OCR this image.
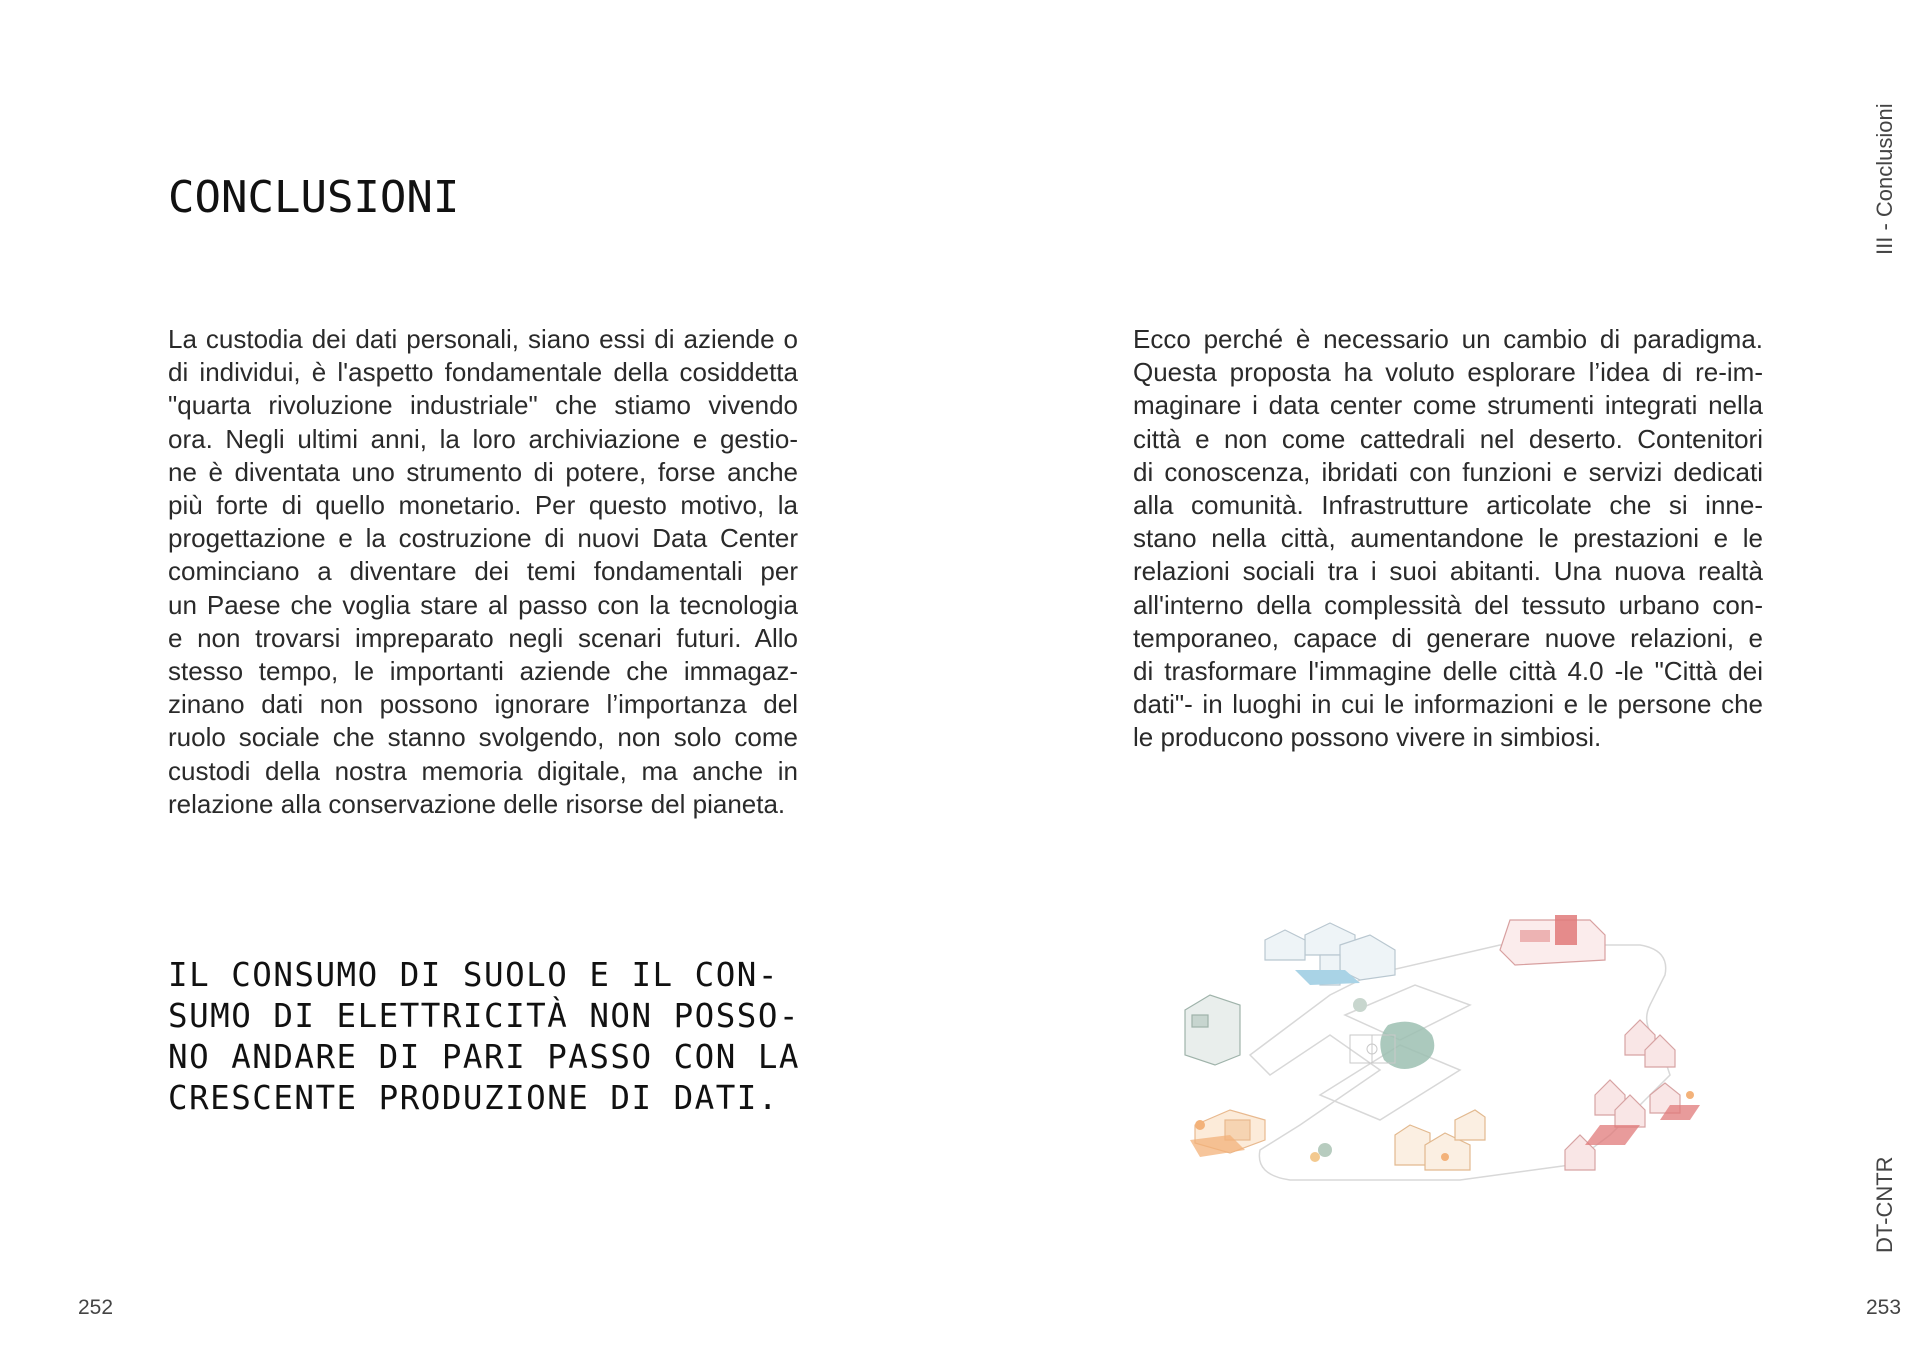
CONCLUSIONI

La custodia dei dati personali, siano essi di aziende o
di individui, è l'aspetto fondamentale della cosiddetta
"quarta rivoluzione industriale" che stiamo vivendo
ora. Negli ultimi anni, la loro archiviazione e gestio-
ne è diventata uno strumento di potere, forse anche
più forte di quello monetario. Per questo motivo, la
progettazione e la costruzione di nuovi Data Center
cominciano a diventare dei temi fondamentali per
un Paese che voglia stare al passo con la tecnologia
e non trovarsi impreparato negli scenari futuri. Allo
stesso tempo, le importanti aziende che immagaz-
zinano dati non possono ignorare l’importanza del
ruolo sociale che stanno svolgendo, non solo come
custodi della nostra memoria digitale, ma anche in
relazione alla conservazione delle risorse del pianeta.

Ecco perché è necessario un cambio di paradigma.
Questa proposta ha voluto esplorare l’idea di re-im-
maginare i data center come strumenti integrati nella
città e non come cattedrali nel deserto. Contenitori
di conoscenza, ibridati con funzioni e servizi dedicati
alla comunità. Infrastrutture articolate che si inne-
stano nella città, aumentandone le prestazioni e le
relazioni sociali tra i suoi abitanti. Una nuova realtà
all'interno della complessità del tessuto urbano con-
temporaneo, capace di generare nuove relazioni, e
di trasformare l'immagine delle città 4.0 -le "Città dei
dati"- in luoghi in cui le informazioni e le persone che
le producono possono vivere in simbiosi.

IL CONSUMO DI SUOLO E IL CON-
SUMO DI ELETTRICITÀ NON POSSO-
NO ANDARE DI PARI PASSO CON LA
CRESCENTE PRODUZIONE DI DATI.
III - Conclusioni
DT-CNTR
252	253
